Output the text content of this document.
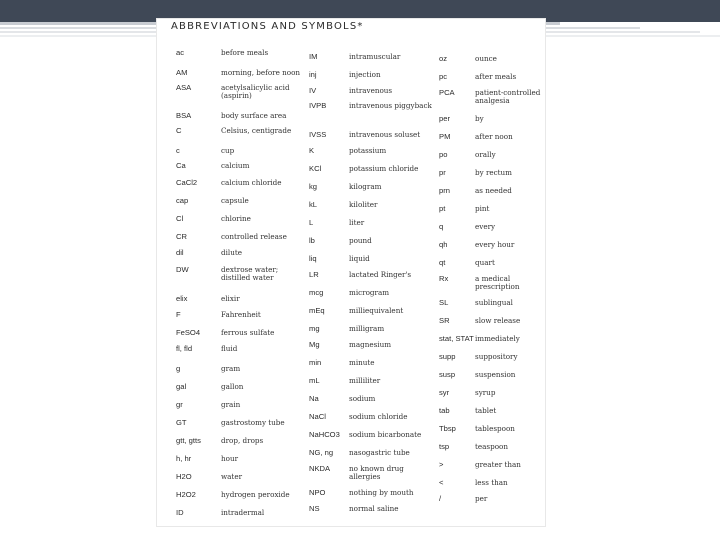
ABBREVIATIONS AND SYMBOLS*
ac	before meals
AM	morning, before noon
ASA	acetylsalicylic acid (aspirin)
BSA	body surface area
C	Celsius, centigrade
c	cup
Ca	calcium
CaCl2	calcium chloride
cap	capsule
Cl	chlorine
CR	controlled release
dil	dilute
DW	dextrose water; distilled water
elix	elixir
F	Fahrenheit
FeSO4	ferrous sulfate
fl, fld	fluid
g	gram
gal	gallon
gr	grain
GT	gastrostomy tube
gtt, gtts	drop, drops
h, hr	hour
H2O	water
H2O2	hydrogen peroxide
ID	intradermal
IM	intramuscular
inj	injection
IV	intravenous
IVPB	intravenous piggyback
IVSS	intravenous soluset
K	potassium
KCl	potassium chloride
kg	kilogram
kL	kiloliter
L	liter
lb	pound
liq	liquid
LR	lactated Ringer's
mcg	microgram
mEq	milliequivalent
mg	milligram
Mg	magnesium
min	minute
mL	milliliter
Na	sodium
NaCl	sodium chloride
NaHCO3 sodium bicarbonate
NG, ng nasogastric tube
NKDA	no known drug allergies
NPO	nothing by mouth
NS	normal saline
oz	ounce
pc	after meals
PCA	patient-controlled analgesia
per	by
PM	after noon
po	orally
pr	by rectum
prn	as needed
pt	pint
q	every
qh	every hour
qt	quart
Rx	a medical prescription
SL	sublingual
SR	slow release
stat, STAT immediately
supp	suppository
susp	suspension
syr	syrup
tab	tablet
Tbsp	tablespoon
tsp	teaspoon
>	greater than
<	less than
/	per
